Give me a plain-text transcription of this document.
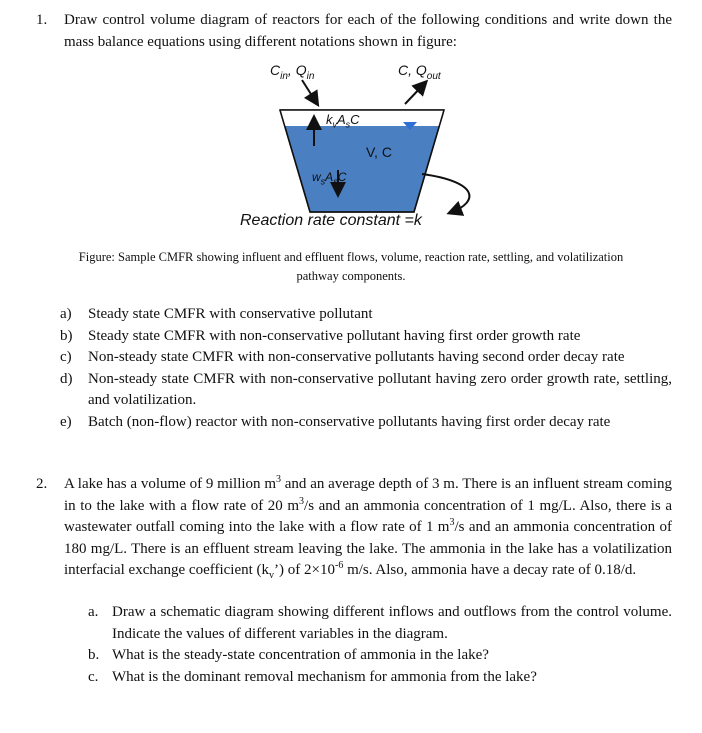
1. Draw control volume diagram of reactors for each of the following conditions and write down the mass balance equations using different notations shown in figure:
$C_{in}$, $Q_{in}$	C, $Q_{out}$
$k_vA_sC$
V, C
$w_sA_sC$
Reaction rate constant =k
Figure: Sample CMFR showing influent and effluent flows, volume, reaction rate, settling, and volatilization pathway components.
a) Steady state CMFR with conservative pollutant
b) Steady state CMFR with non-conservative pollutant having first order growth rate
c) Non-steady state CMFR with non-conservative pollutants having second order decay rate
d) Non-steady state CMFR with non-conservative pollutant having zero order growth rate, settling, and volatilization.
e) Batch (non-flow) reactor with non-conservative pollutants having first order decay rate
2. A lake has a volume of 9 million $m^3$ and an average depth of 3 m. There is an influent stream coming in to the lake with a flow rate of 20 $m^3/s$ and an ammonia concentration of 1 mg/L. Also, there is a wastewater outfall coming into the lake with a flow rate of 1 $m^3/s$ and an ammonia concentration of 180 mg/L. There is an effluent stream leaving the lake. The ammonia in the lake has a volatilization interfacial exchange coefficient $(k_v’)$ of $2\times 10^{-6}$ m/s. Also, ammonia have a decay rate of 0.18/d.
a. Draw a schematic diagram showing different inflows and outflows from the control volume. Indicate the values of different variables in the diagram.
b. What is the steady-state concentration of ammonia in the lake?
c. What is the dominant removal mechanism for ammonia from the lake?
